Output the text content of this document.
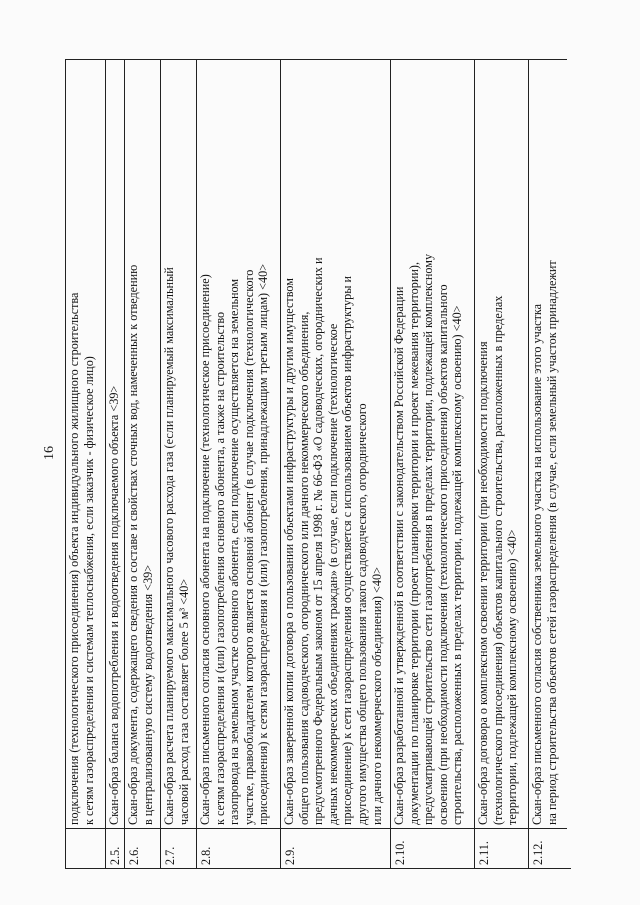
16 подключения (технологического присоединения) объекта индивидуального жилищного строительства к сетям газораспределения и системам теплоснабжения, если заказчик - физическое лицо)
2.5.
Скан-образ баланса водопотребления и водоотведения подключаемого объекта <39>
2.6.
Скан-образ документа, содержащего сведения о составе и свойствах сточных вод, намеченных к отведению в централизованную систему водоотведения <39>
2.7.
Скан-образ расчета планируемого максимального часового расхода газа (если планируемый максимальный часовой расход газа составляет более 5 м³ <40>
2.8.
Скан-образ письменного согласия основного абонента на подключение (технологическое присоединение) к сетям газораспределения и (или) газопотребления основного абонента, а также на строительство газопровода на земельном участке основного абонента, если подключение осуществляется на земельном участке, правообладателем которого является основной абонент (в случае подключения (технологического присоединения) к сетям газораспределения и (или) газопотребления, принадлежащим третьим лицам) <40>
2.9.
Скан-образ заверенной копии договора о пользовании объектами инфраструктуры и другим имуществом общего пользования садоводческого, огороднического или дачного некоммерческого объединения, предусмотренного Федеральным законом от 15 апреля 1998 г. № 66-ФЗ «О садоводческих, огороднических и дачных некоммерческих объединениях граждан» (в случае, если подключение (технологическое присоединение) к сети газораспределения осуществляется с использованием объектов инфраструктуры и другого имущества общего пользования такого садоводческого, огороднического или дачного некоммерческого объединения) <40>
2.10.
Скан-образ разработанной и утвержденной в соответствии с законодательством Российской Федерации документации по планировке территории (проект планировки территории и проект межевания территории), предусматривающей строительство сети газопотребления в пределах территории, подлежащей комплексному освоению (при необходимости подключения (технологического присоединения) объектов капитального строительства, расположенных в пределах территории, подлежащей комплексному освоению) <40>
2.11.
Скан-образ договора о комплексном освоении территории (при необходимости подключения (технологического присоединения) объектов капитального строительства, расположенных в пределах территории, подлежащей комплексному освоению) <40>
2.12.
Скан-образ письменного согласия собственника земельного участка на использование этого участка на период строительства объектов сетей газораспределения (в случае, если земельный участок принадлежит
